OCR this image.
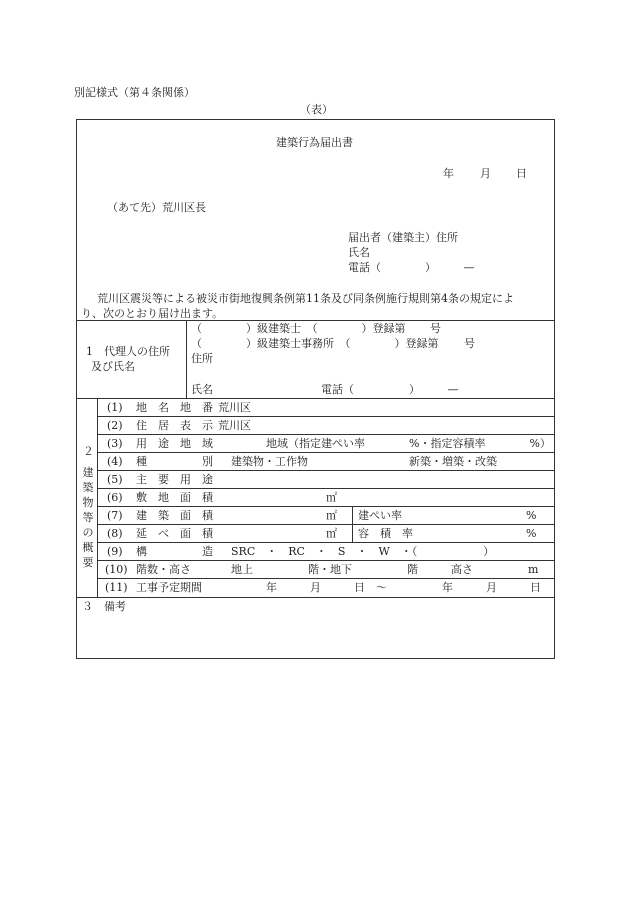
別記様式（第４条関係）
（表）
建築行為届出書
年 月 日
（あて先）荒川区長
届出者（建築主）住所
氏名
電話（　　　　）　　　—
荒川区震災等による被災市街地復興条例第11条及び同条例施行規則第4条の規定によ
り、次のとおり届け出ます。
1　代理人の住所
及び氏名
（　　　　）級建築士　（　　　　）登録第 号
（　　　　）級建築士事務所　（　　　　）登録第 号
住所
氏名	電話（　　　　　）　　　—
２
建築物等の概要
(1) 地　名　地　番 荒川区
(2) 住　居　表　示 荒川区
(3) 用　途　地　域	地域（指定建ぺい率　　　　%・指定容積率　　　　%）
(4) 種　　　　　別 建築物・工作物	新築・増築・改築
(5) 主　要　用　途
(6) 敷　地　面　積	㎡
(7) 建　築　面　積	㎡ 建ぺい率	%
(8) 延　べ　面　積	㎡ 容　積　率	%
(9) 構　　　　　造 SRC　・　RC　・　S　・　W　・（　　　　　　）
(10) 階数・高さ	地上　　　　　階・地下　　　　　階　　　高さ　　　　　m
(11) 工事予定期間	年　　　月　　　日　〜　　　　　年　　　月　　　日
３　備考
